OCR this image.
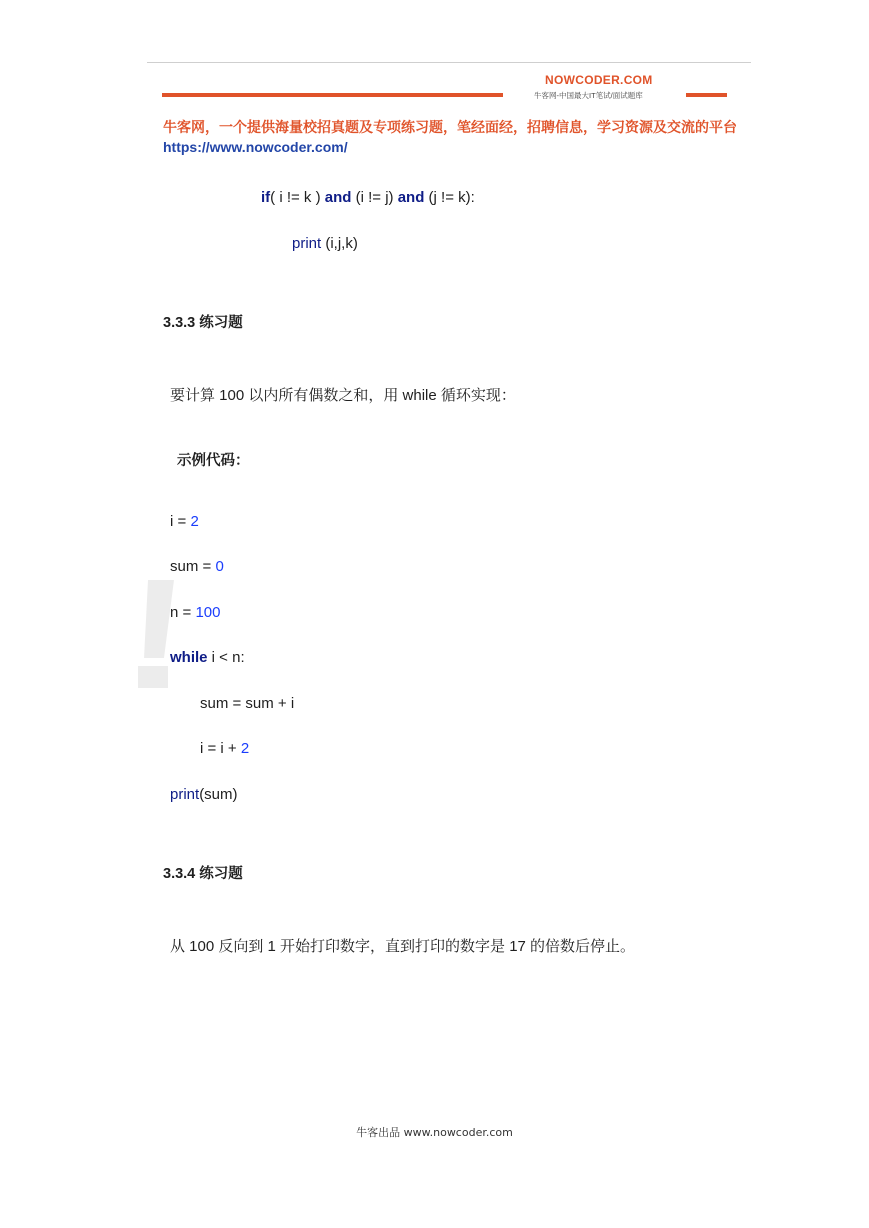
NOWCODER.COM
牛客网-中国最大IT笔试/面试题库
牛客网，一个提供海量校招真题及专项练习题，笔经面经，招聘信息，学习资源及交流的平台
https://www.nowcoder.com/
if( i != k ) and (i != j) and (j != k):
print (i,j,k)
3.3.3 练习题
要计算 100 以内所有偶数之和，用 while 循环实现：
示例代码：
i = 2
sum = 0
n = 100
while i < n:
sum = sum + i
i = i + 2
print(sum)
3.3.4 练习题
从 100 反向到 1 开始打印数字，直到打印的数字是 17 的倍数后停止。
牛客出品 www.nowcoder.com
